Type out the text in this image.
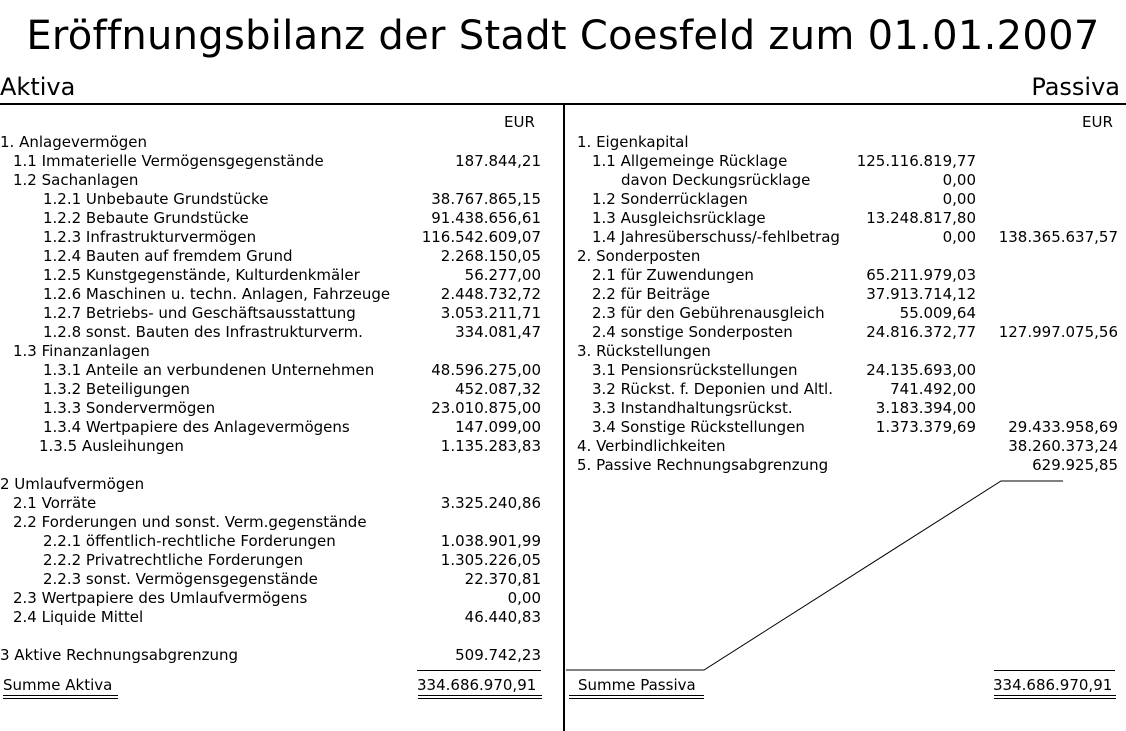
Eröffnungsbilanz der Stadt Coesfeld zum 01.01.2007
Aktiva	Passiva
EUR	EUR
1. Anlagevermögen
1.1 Immaterielle Vermögensgegenstände	187.844,21
1.2 Sachanlagen
1.2.1 Unbebaute Grundstücke	38.767.865,15
1.2.2 Bebaute Grundstücke	91.438.656,61
1.2.3 Infrastrukturvermögen	116.542.609,07
1.2.4 Bauten auf fremdem Grund	2.268.150,05
1.2.5 Kunstgegenstände, Kulturdenkmäler	56.277,00
1.2.6 Maschinen u. techn. Anlagen, Fahrzeuge	2.448.732,72
1.2.7 Betriebs- und Geschäftsausstattung	3.053.211,71
1.2.8 sonst. Bauten des Infrastrukturverm.	334.081,47
1.3 Finanzanlagen
1.3.1 Anteile an verbundenen Unternehmen	48.596.275,00
1.3.2 Beteiligungen	452.087,32
1.3.3 Sondervermögen	23.010.875,00
1.3.4 Wertpapiere des Anlagevermögens	147.099,00
1.3.5 Ausleihungen	1.135.283,83
2 Umlaufvermögen
2.1 Vorräte	3.325.240,86
2.2 Forderungen und sonst. Verm.gegenstände
2.2.1 öffentlich-rechtliche Forderungen	1.038.901,99
2.2.2 Privatrechtliche Forderungen	1.305.226,05
2.2.3 sonst. Vermögensgegenstände	22.370,81
2.3 Wertpapiere des Umlaufvermögens	0,00
2.4 Liquide Mittel	46.440,83
3 Aktive Rechnungsabgrenzung	509.742,23
1. Eigenkapital
1.1 Allgemeinge Rücklage	125.116.819,77
davon Deckungsrücklage	0,00
1.2 Sonderrücklagen	0,00
1.3 Ausgleichsrücklage	13.248.817,80
1.4 Jahresüberschuss/-fehlbetrag	0,00 138.365.637,57
2. Sonderposten
2.1 für Zuwendungen	65.211.979,03
2.2 für Beiträge	37.913.714,12
2.3 für den Gebührenausgleich	55.009,64
2.4 sonstige Sonderposten	24.816.372,77 127.997.075,56
3. Rückstellungen
3.1 Pensionsrückstellungen	24.135.693,00
3.2 Rückst. f. Deponien und Altl.	741.492,00
3.3 Instandhaltungsrückst.	3.183.394,00
3.4 Sonstige Rückstellungen	1.373.379,69 29.433.958,69
4. Verbindlichkeiten	38.260.373,24
5. Passive Rechnungsabgrenzung	629.925,85
Summe Aktiva	334.686.970,91	Summe Passiva	334.686.970,91
